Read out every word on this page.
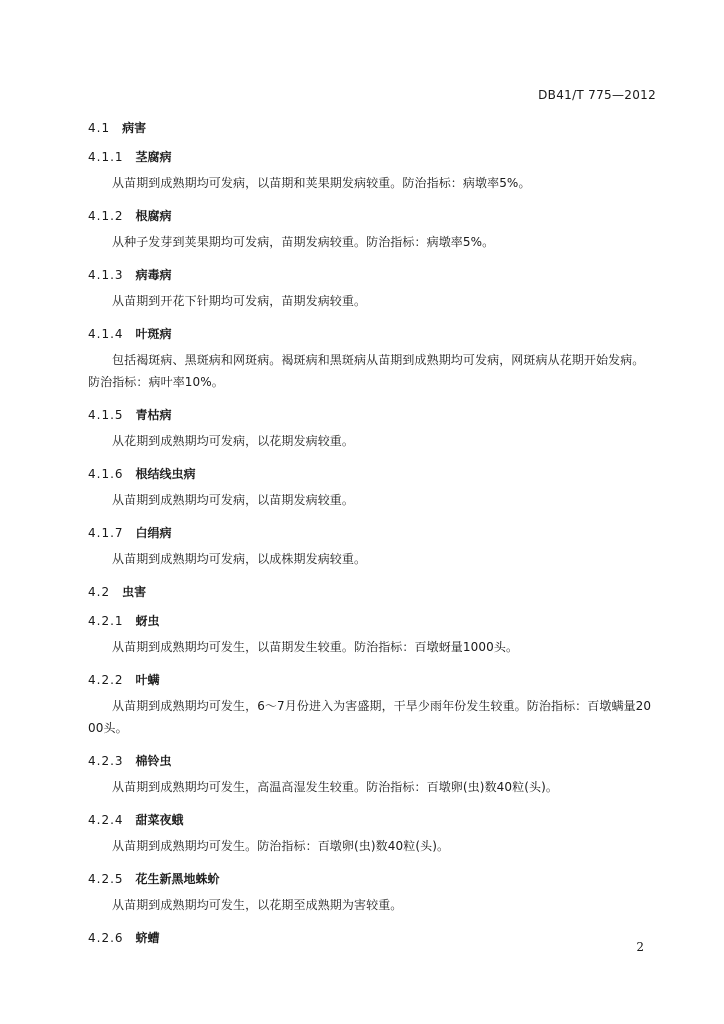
DB41/T 775—2012
4.1 病害
4.1.1 茎腐病

从苗期到成熟期均可发病，以苗期和荚果期发病较重。防治指标：病墩率5%。

4.1.2 根腐病

从种子发芽到荚果期均可发病，苗期发病较重。防治指标：病墩率5%。

4.1.3 病毒病

从苗期到开花下针期均可发病，苗期发病较重。

4.1.4 叶斑病

包括褐斑病、黑斑病和网斑病。褐斑病和黑斑病从苗期到成熟期均可发病，网斑病从花期开始发病。防治指标：病叶率10%。

4.1.5 青枯病

从花期到成熟期均可发病，以花期发病较重。

4.1.6 根结线虫病

从苗期到成熟期均可发病，以苗期发病较重。

4.1.7 白绢病

从苗期到成熟期均可发病，以成株期发病较重。

4.2 虫害
4.2.1 蚜虫

从苗期到成熟期均可发生，以苗期发生较重。防治指标：百墩蚜量1000头。

4.2.2 叶螨

从苗期到成熟期均可发生，6～7月份进入为害盛期，干旱少雨年份发生较重。防治指标：百墩螨量2000头。

4.2.3 棉铃虫

从苗期到成熟期均可发生，高温高湿发生较重。防治指标：百墩卵(虫)数40粒(头)。

4.2.4 甜菜夜蛾

从苗期到成熟期均可发生。防治指标：百墩卵(虫)数40粒(头)。

4.2.5 花生新黑地蛛蚧

从苗期到成熟期均可发生，以花期至成熟期为害较重。

4.2.6 蛴螬
2
